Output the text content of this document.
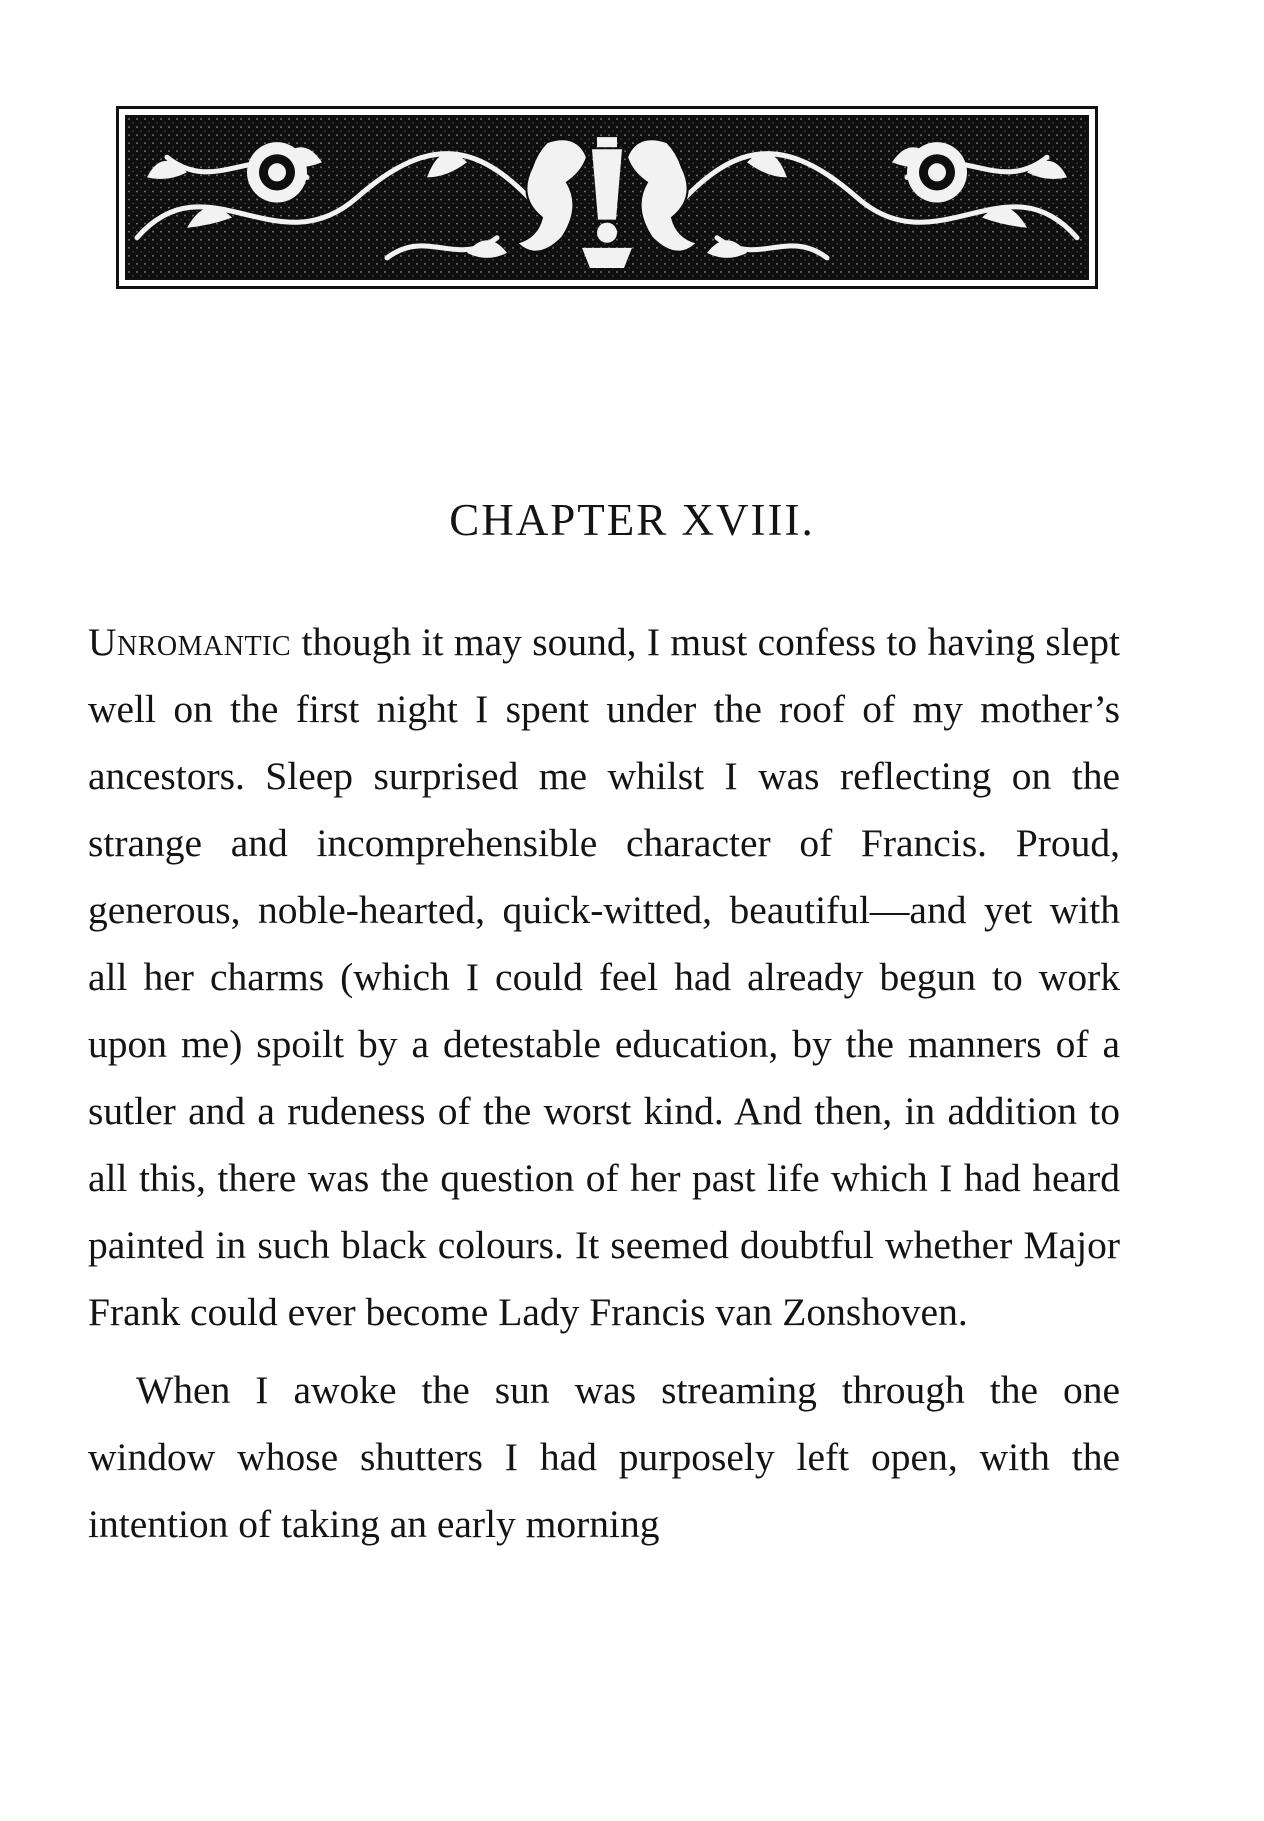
CHAPTER XVIII.

Unromantic though it may sound, I must confess to having slept well on the first night I spent under the roof of my mother’s ancestors. Sleep surprised me whilst I was reflecting on the strange and incomprehensible character of Francis. Proud, generous, noble-hearted, quick-witted, beautiful—and yet with all her charms (which I could feel had already begun to work upon me) spoilt by a detestable education, by the manners of a sutler and a rudeness of the worst kind. And then, in addition to all this, there was the question of her past life which I had heard painted in such black colours. It seemed doubtful whether Major Frank could ever become Lady Francis van Zonshoven.

When I awoke the sun was streaming through the one window whose shutters I had purposely left open, with the intention of taking an early morning
